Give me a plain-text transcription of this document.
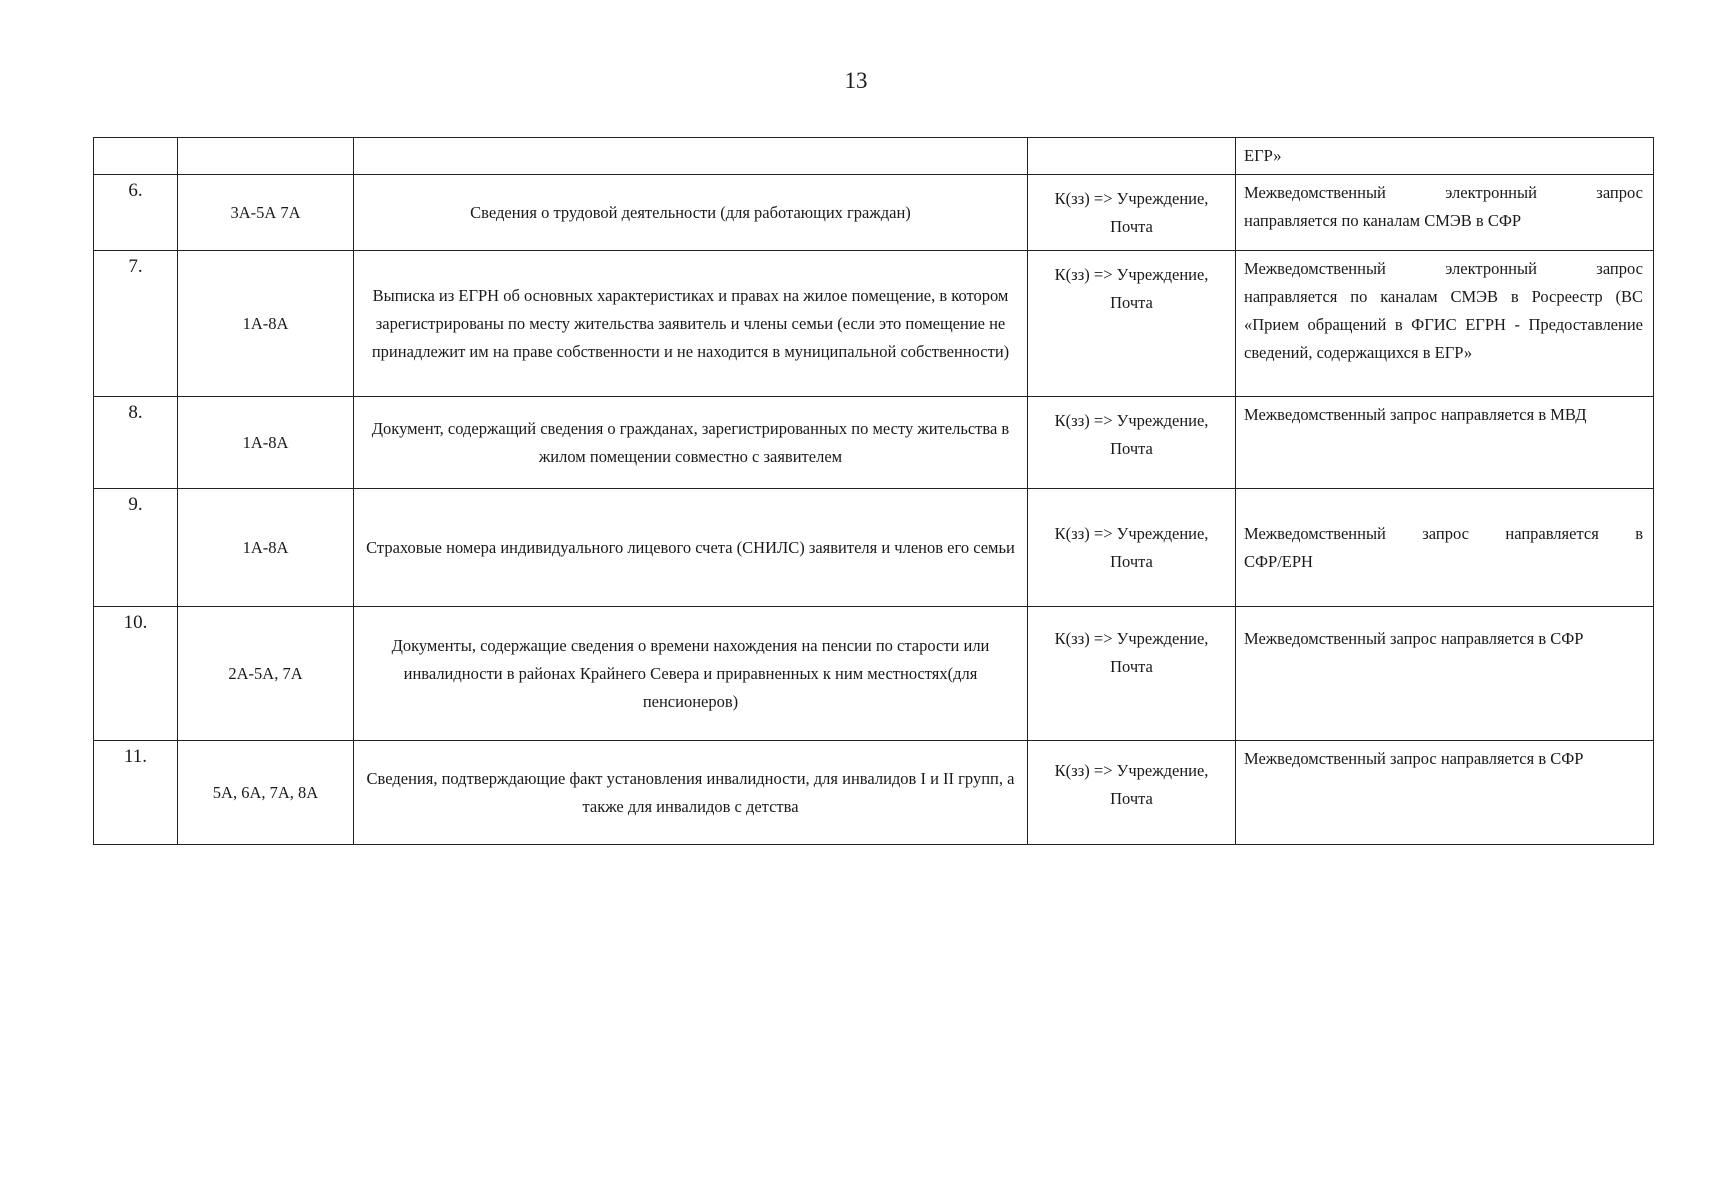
13
				ЕГР»
6.	3А-5А 7А	Сведения о трудовой деятельности (для работающих граждан)	К(зз) => Учреждение, Почта	Межведомственный электронный запрос
направляется по каналам СМЭВ в СФР
7.	1А-8А	Выписка из ЕГРН об основных характеристиках и правах на жилое помещение, в котором зарегистрированы по месту жительства заявитель и члены семьи (если это помещение не принадлежит им на праве собственности и не находится в муниципальной собственности)	К(зз) => Учреждение, Почта	Межведомственный электронный запрос
направляется по каналам СМЭВ в Росреестр (ВС «Прием обращений в ФГИС ЕГРН - Предоставление сведений, содержащихся в ЕГР»
8.	1А-8А	Документ, содержащий сведения о гражданах, зарегистрированных по месту жительства в жилом помещении совместно с заявителем	К(зз) => Учреждение, Почта	Межведомственный запрос направляется в МВД
9.	1А-8А	Страховые номера индивидуального лицевого счета (СНИЛС) заявителя и членов его семьи	К(зз) => Учреждение, Почта	Межведомственный запрос направляется в
СФР/ЕРН
10.	2А-5А, 7А	Документы, содержащие сведения о времени нахождения на пенсии по старости или инвалидности в районах Крайнего Севера и приравненных к ним местностях(для пенсионеров)	К(зз) => Учреждение, Почта	Межведомственный запрос направляется в СФР
11.	5А, 6А, 7А, 8А	Сведения, подтверждающие факт установления инвалидности, для инвалидов I и II групп, а также для инвалидов с детства	К(зз) => Учреждение, Почта	Межведомственный запрос направляется в СФР
